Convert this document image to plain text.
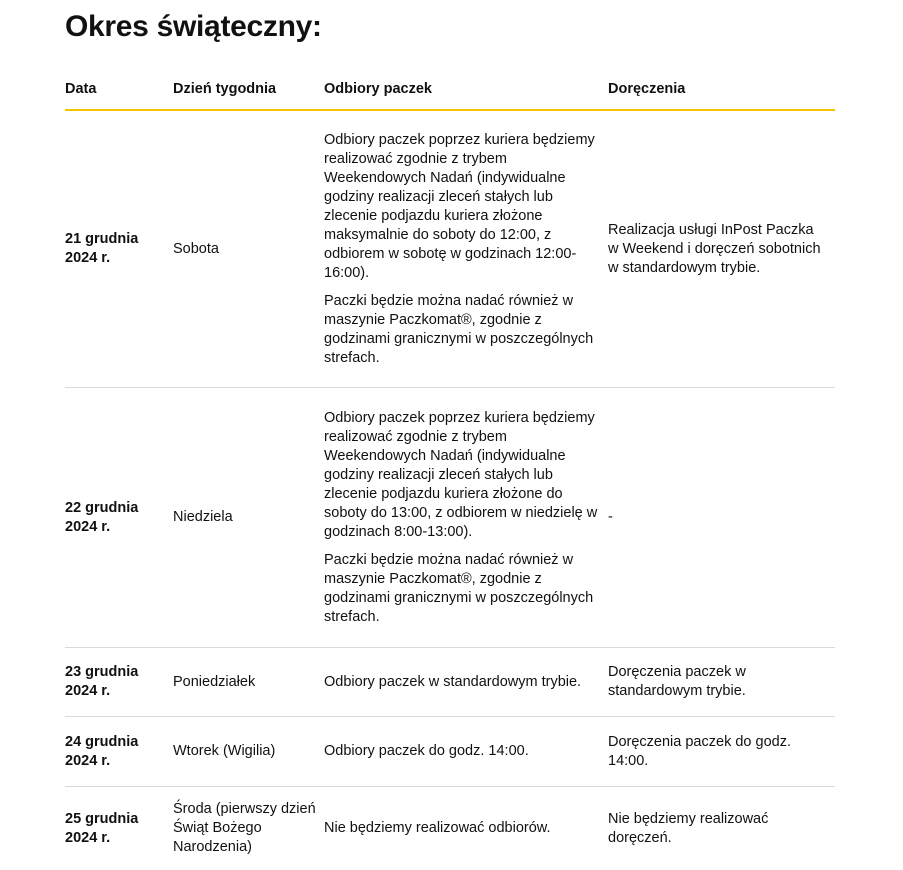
Okres świąteczny:
Data	Dzień tygodnia	Odbiory paczek	Doręczenia

21 grudnia 2024 r.	Sobota	Odbiory paczek poprzez kuriera będziemy realizować zgodnie z trybem Weekendowych Nadań (indywidualne godziny realizacji zleceń stałych lub zlecenie podjazdu kuriera złożone maksymalnie do soboty do 12:00, z odbiorem w sobotę w godzinach 12:00-16:00).

Paczki będzie można nadać również w maszynie Paczkomat®, zgodnie z godzinami granicznymi w poszczególnych strefach.	Realizacja usługi InPost Paczka w Weekend i doręczeń sobotnich w standardowym trybie.

22 grudnia 2024 r.	Niedziela	Odbiory paczek poprzez kuriera będziemy realizować zgodnie z trybem Weekendowych Nadań (indywidualne godziny realizacji zleceń stałych lub zlecenie podjazdu kuriera złożone do soboty do 13:00, z odbiorem w niedzielę w godzinach 8:00-13:00).

Paczki będzie można nadać również w maszynie Paczkomat®, zgodnie z godzinami granicznymi w poszczególnych strefach.	-

23 grudnia 2024 r.	Poniedziałek	Odbiory paczek w standardowym trybie.	Doręczenia paczek w standardowym trybie.

24 grudnia 2024 r.	Wtorek (Wigilia)	Odbiory paczek do godz. 14:00.	Doręczenia paczek do godz. 14:00.

25 grudnia 2024 r.	Środa (pierwszy dzień Świąt Bożego Narodzenia)	Nie będziemy realizować odbiorów.	Nie będziemy realizować doręczeń.
